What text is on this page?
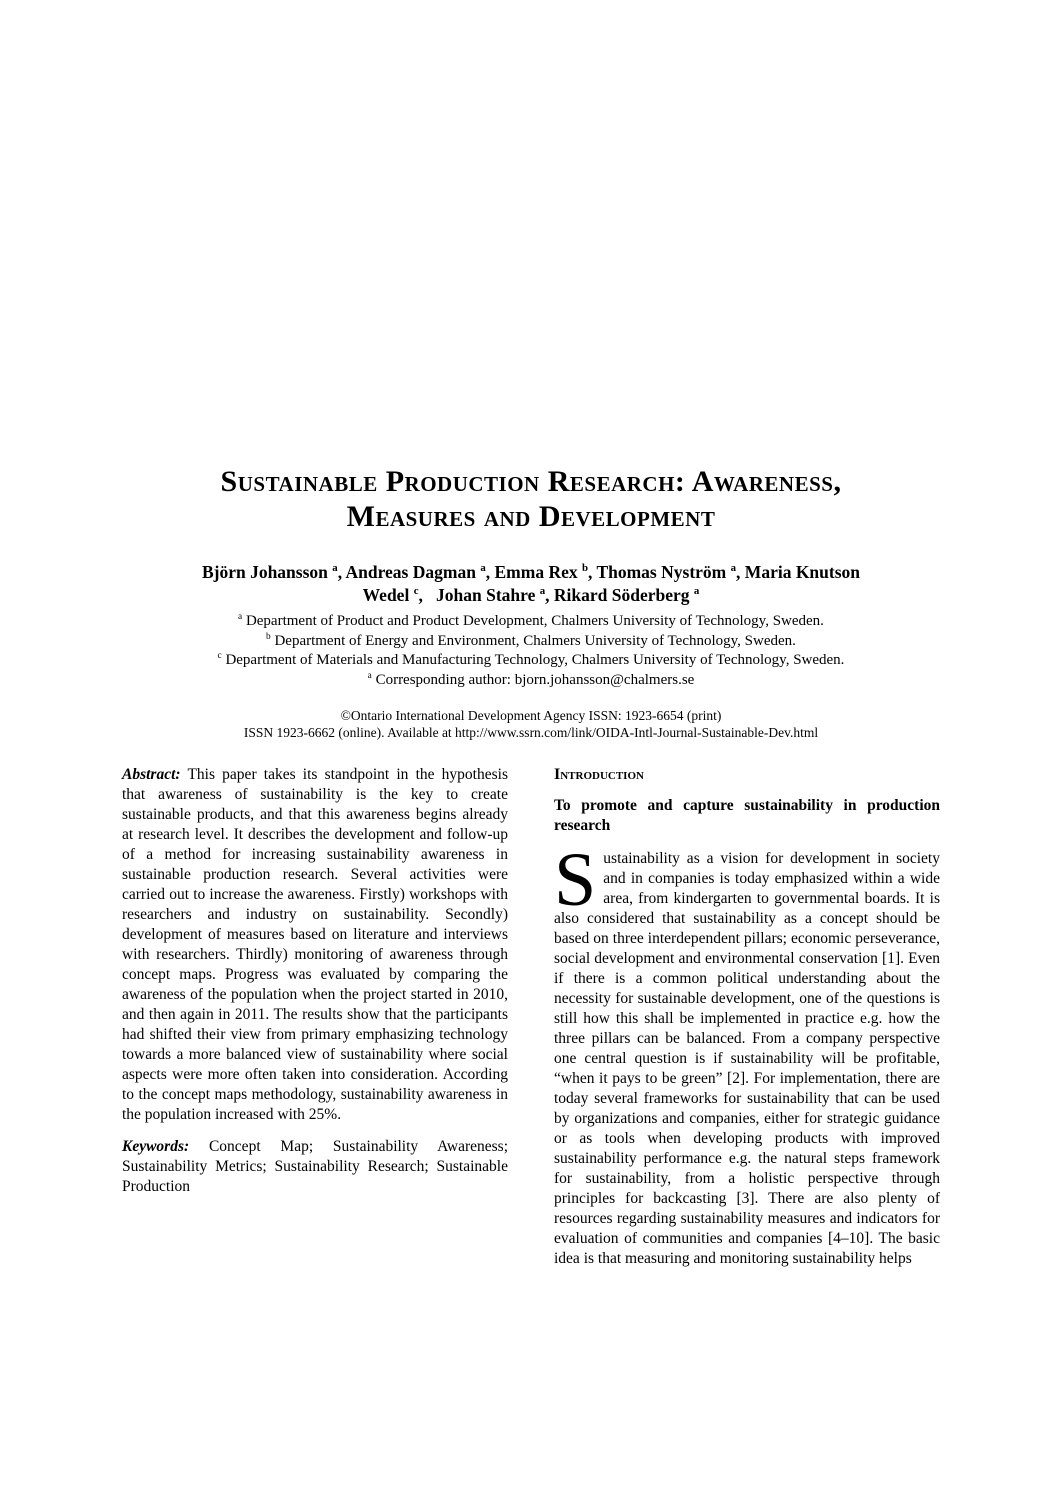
Sustainable Production Research: Awareness,
Measures and Development
Björn Johansson $^a$, Andreas Dagman $^a$, Emma Rex $^b$, Thomas Nyström $^a$, Maria Knutson
Wedel $^c$,   Johan Stahre $^a$, Rikard Söderberg $^a$
$^a$ Department of Product and Product Development, Chalmers University of Technology, Sweden.
$^b$ Department of Energy and Environment, Chalmers University of Technology, Sweden.
$^c$ Department of Materials and Manufacturing Technology, Chalmers University of Technology, Sweden.
$^a$ Corresponding author: bjorn.johansson@chalmers.se
©Ontario International Development Agency ISSN: 1923-6654 (print)
ISSN 1923-6662 (online). Available at http://www.ssrn.com/link/OIDA-Intl-Journal-Sustainable-Dev.html

Abstract: This paper takes its standpoint in the hypothesis that awareness of sustainability is the key to create sustainable products, and that this awareness begins already at research level. It describes the development and follow-up of a method for increasing sustainability awareness in sustainable production research. Several activities were carried out to increase the awareness. Firstly) workshops with researchers and industry on sustainability. Secondly) development of measures based on literature and interviews with researchers. Thirdly) monitoring of awareness through concept maps. Progress was evaluated by comparing the awareness of the population when the project started in 2010, and then again in 2011. The results show that the participants had shifted their view from primary emphasizing technology towards a more balanced view of sustainability where social aspects were more often taken into consideration. According to the concept maps methodology, sustainability awareness in the population increased with 25%.

Keywords: Concept Map; Sustainability Awareness; Sustainability Metrics; Sustainability Research; Sustainable Production

Introduction
To promote and capture sustainability in production research

Sustainability as a vision for development in society and in companies is today emphasized within a wide area, from kindergarten to governmental boards. It is also considered that sustainability as a concept should be based on three interdependent pillars; economic perseverance, social development and environmental conservation [1]. Even if there is a common political understanding about the necessity for sustainable development, one of the questions is still how this shall be implemented in practice e.g. how the three pillars can be balanced. From a company perspective one central question is if sustainability will be profitable, “when it pays to be green” [2]. For implementation, there are today several frameworks for sustainability that can be used by organizations and companies, either for strategic guidance or as tools when developing products with improved sustainability performance e.g. the natural steps framework for sustainability, from a holistic perspective through principles for backcasting [3]. There are also plenty of resources regarding sustainability measures and indicators for evaluation of communities and companies [4–10]. The basic idea is that measuring and monitoring sustainability helps
